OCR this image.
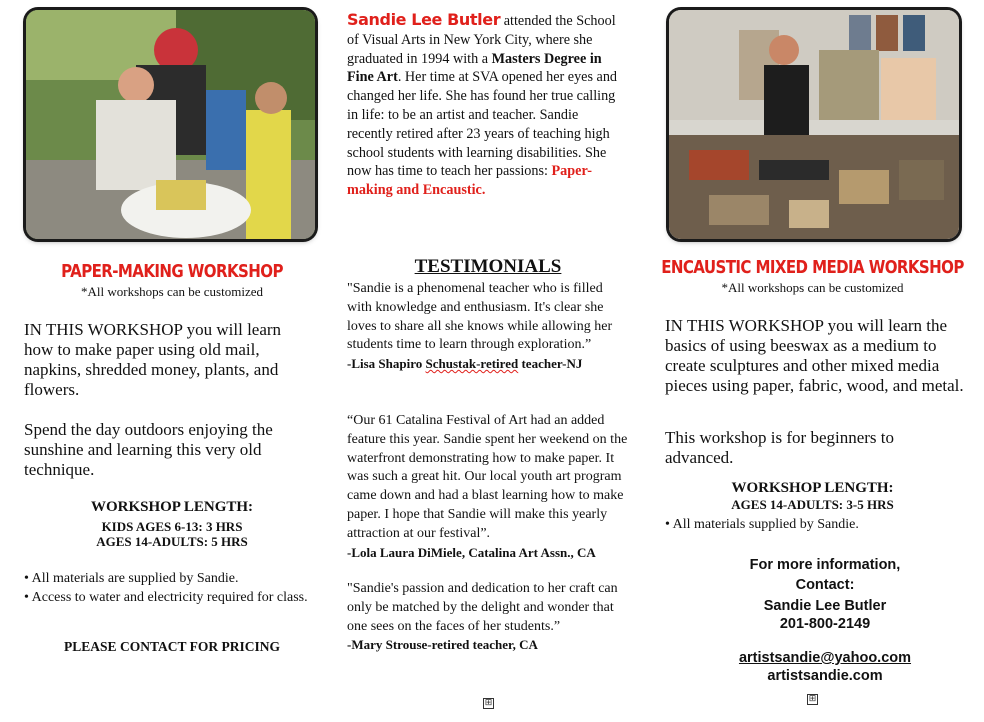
PAPER-MAKING WORKSHOP
*All workshops can be customized
IN THIS WORKSHOP you will learn how to make paper using old mail, napkins, shredded money, plants, and flowers.
Spend the day outdoors enjoying the sunshine and learning this very old technique.
WORKSHOP LENGTH:
KIDS AGES 6-13: 3 HRS
AGES 14-ADULTS: 5 HRS
• All materials are supplied by Sandie.
• Access to water and electricity required for class.
PLEASE CONTACT FOR PRICING
Sandie Lee Butler attended the School of Visual Arts in New York City, where she graduated in 1994 with a Masters Degree in Fine Art. Her time at SVA opened her eyes and changed her life. She has found her true calling in life: to be an artist and teacher. Sandie recently retired after 23 years of teaching high school students with learning disabilities. She now has time to teach her passions: Paper-making and Encaustic.
TESTIMONIALS
"Sandie is a phenomenal teacher who is filled with knowledge and enthusiasm. It's clear she loves to share all she knows while allowing her students time to learn through exploration.”
-Lisa Shapiro Schustak-retired teacher-NJ
“Our 61 Catalina Festival of Art had an added feature this year. Sandie spent her weekend on the waterfront demonstrating how to make paper. It was such a great hit. Our local youth art program came down and had a blast learning how to make paper. I hope that Sandie will make this yearly attraction at our festival”.
-Lola Laura DiMiele, Catalina Art Assn., CA
"Sandie's passion and dedication to her craft can only be matched by the delight and wonder that one sees on the faces of her students.”
-Mary Strouse-retired teacher, CA
⊞
ENCAUSTIC MIXED MEDIA WORKSHOP
*All workshops can be customized
IN THIS WORKSHOP you will learn the basics of using beeswax as a medium to create sculptures and other mixed media pieces using paper, fabric, wood, and metal.
This workshop is for beginners to advanced.
WORKSHOP LENGTH:
AGES 14-ADULTS: 3-5 HRS
• All materials supplied by Sandie.
For more information,
Contact:
Sandie Lee Butler
201-800-2149
artistsandie@yahoo.com
artistsandie.com
⊞
